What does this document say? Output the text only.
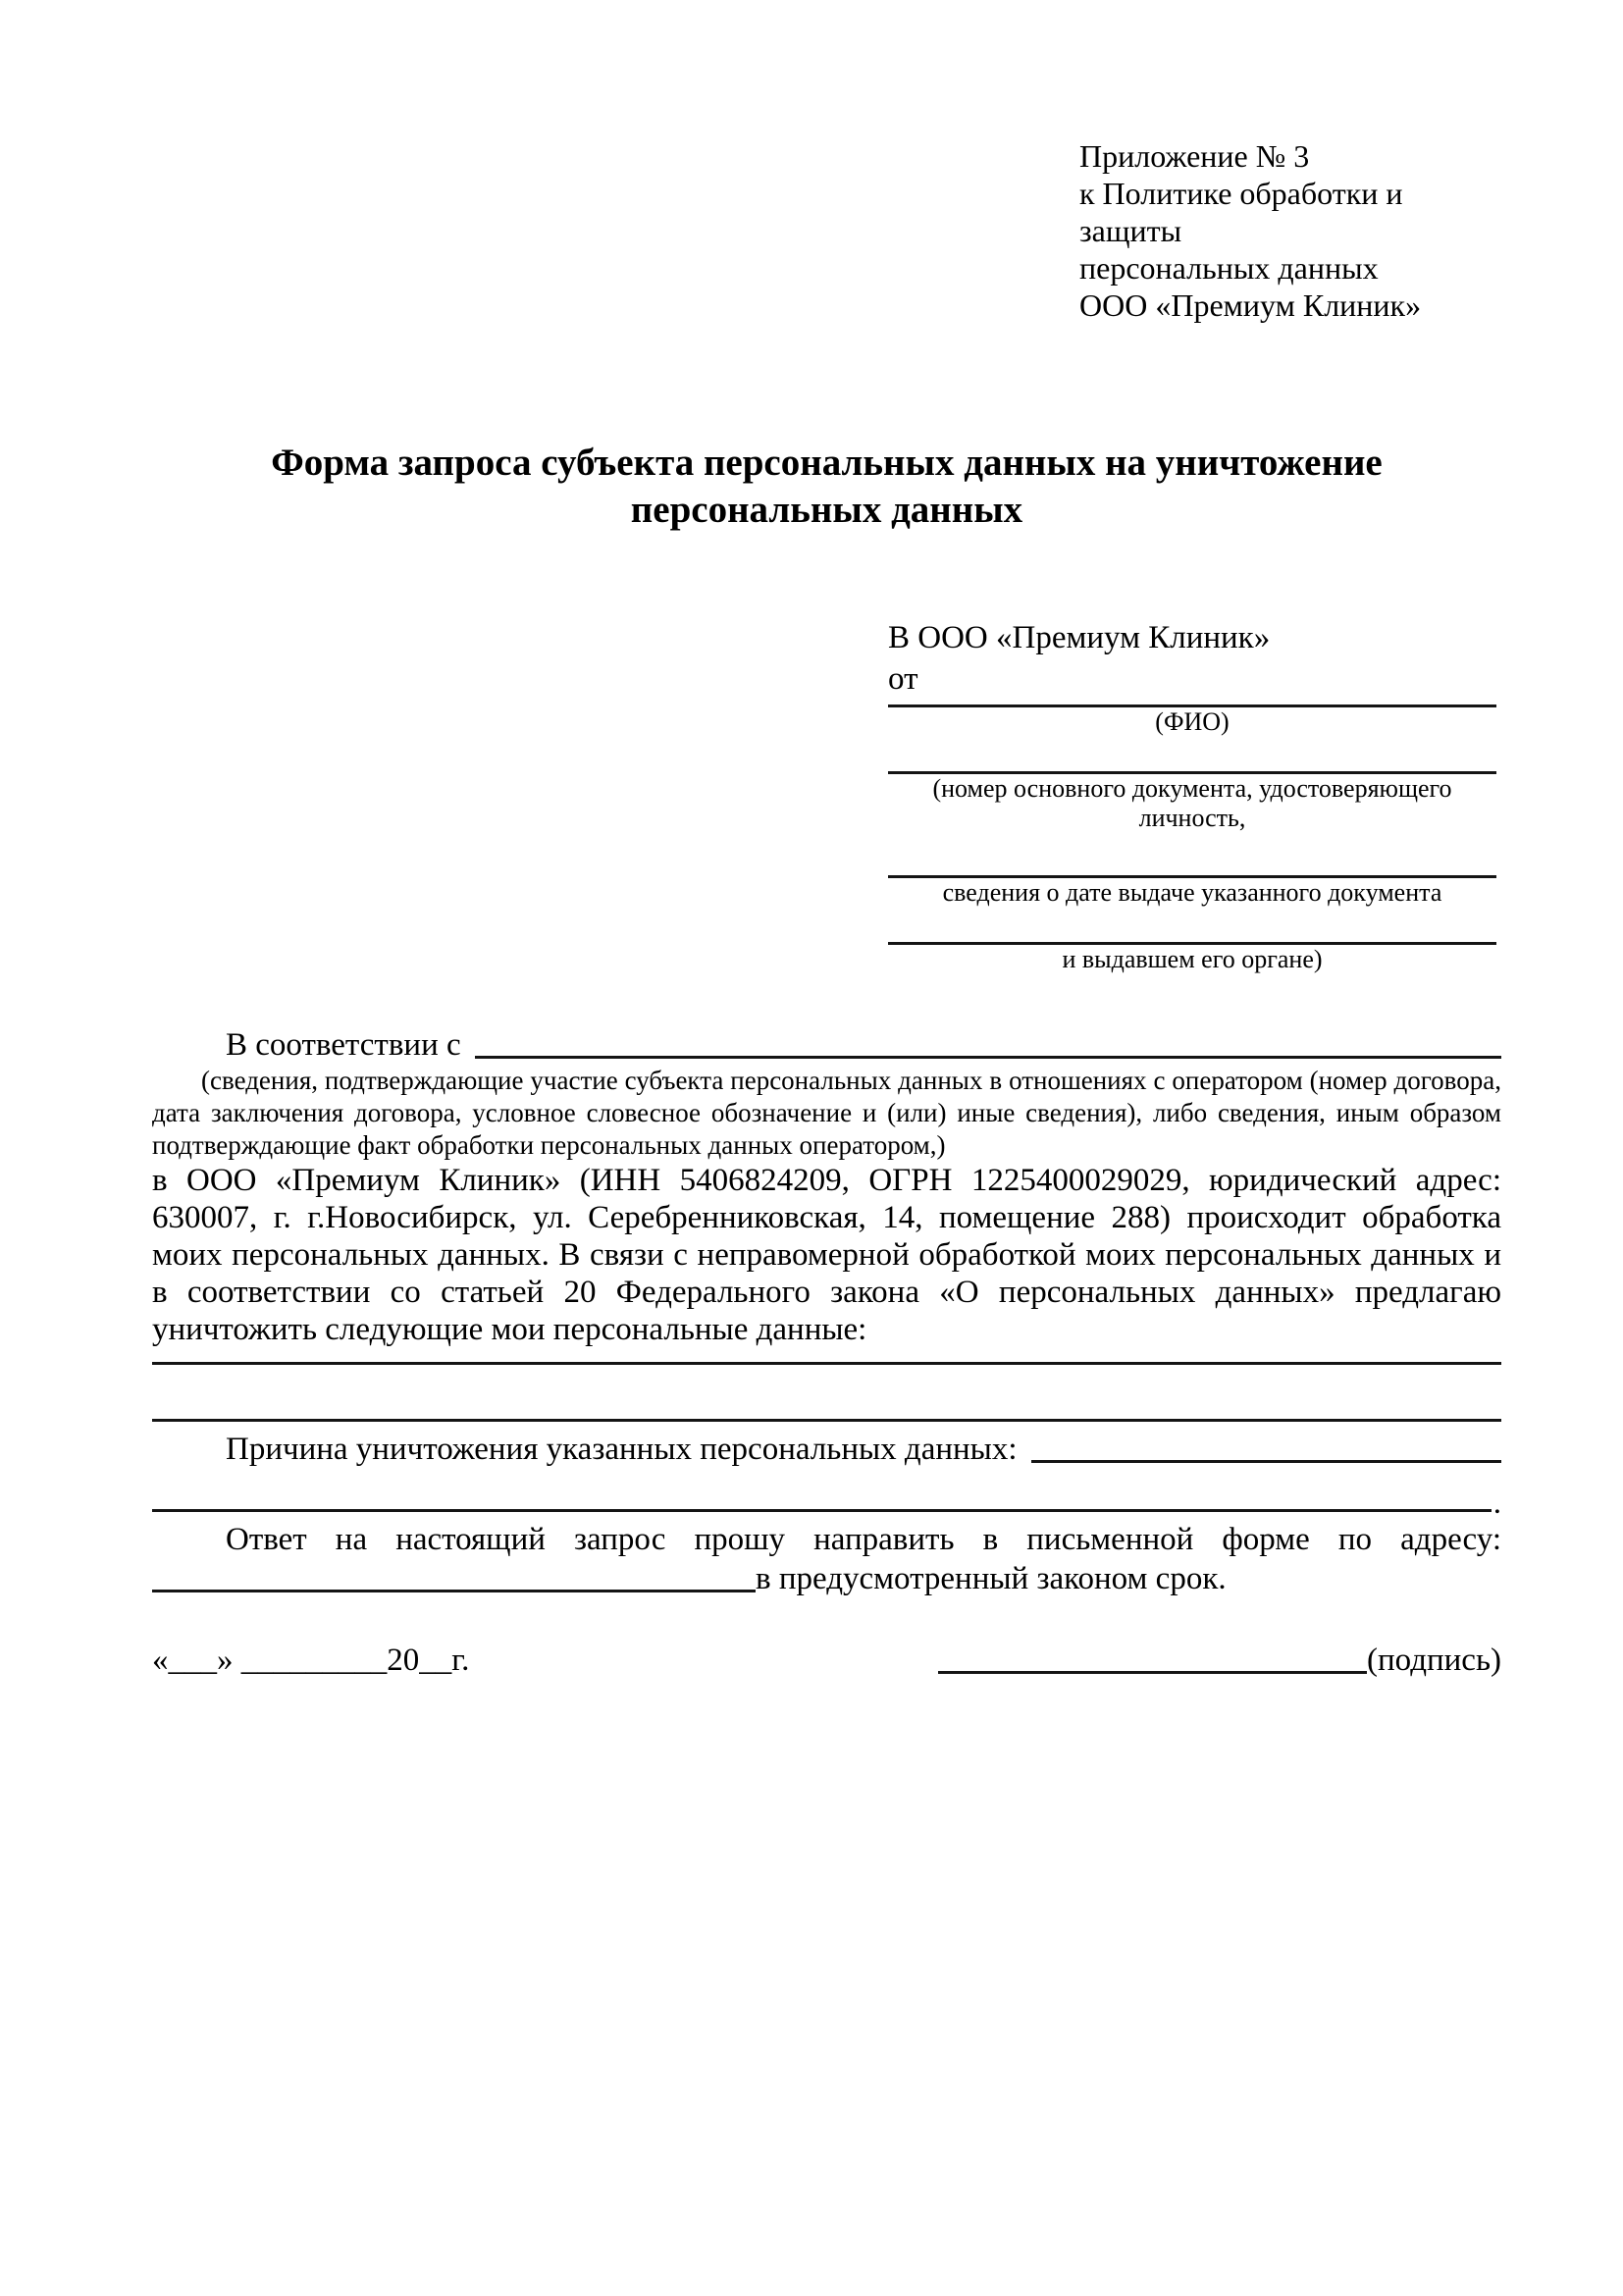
Приложение № 3
к Политике обработки и защиты
персональных данных
ООО «Премиум Клиник»
Форма запроса субъекта персональных данных на уничтожение персональных данных
В ООО «Премиум Клиник»
от
(ФИО)
(номер основного документа, удостоверяющего личность,
сведения о дате выдаче указанного документа
и выдавшем его органе)
В соответствии с
(сведения, подтверждающие участие субъекта персональных данных в отношениях с оператором (номер договора, дата заключения договора, условное словесное обозначение и (или) иные сведения), либо сведения, иным образом подтверждающие факт обработки персональных данных оператором,)
в ООО «Премиум Клиник» (ИНН 5406824209, ОГРН 1225400029029, юридический адрес: 630007, г. г.Новосибирск, ул. Серебренниковская, 14, помещение 288) происходит обработка моих персональных данных. В связи с неправомерной обработкой моих персональных данных и в соответствии со статьей 20 Федерального закона «О персональных данных» предлагаю уничтожить следующие мои персональные данные:
Причина уничтожения указанных персональных данных:
.
Ответ на настоящий запрос прошу направить в письменной форме по адресу:
в предусмотренный законом срок.
«___» _________20__г.	(подпись)
